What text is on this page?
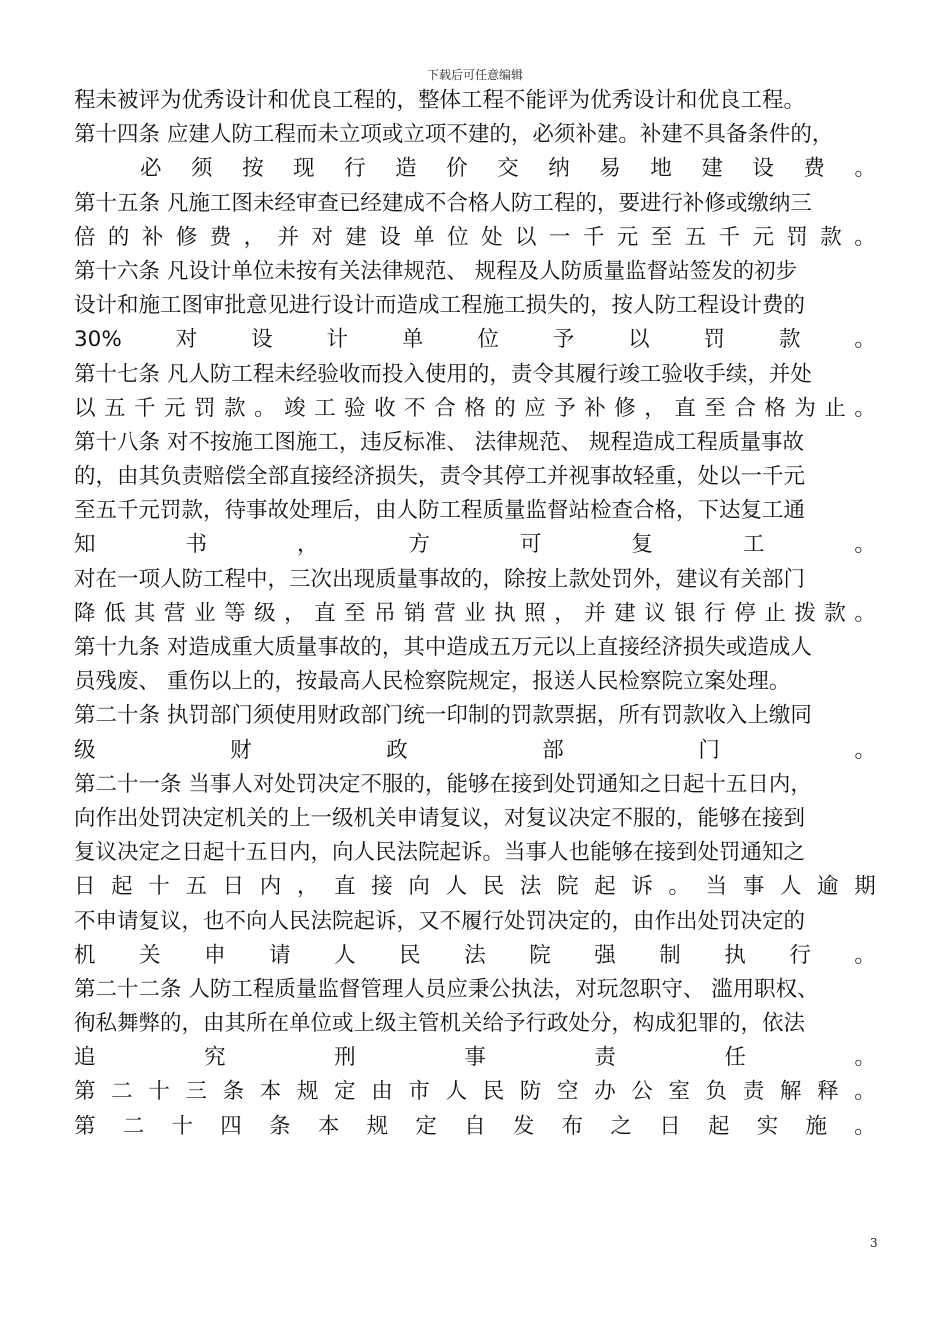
下载后可任意编辑
程未被评为优秀设计和优良工程的，整体工程不能评为优秀设计和优良工程。
第十四条 应建人防工程而未立项或立项不建的，必须补建。补建不具备条件的，
必 须 按 现 行 造 价 交 纳 易 地 建 设 费 。
第十五条 凡施工图未经审查已经建成不合格人防工程的，要进行补修或缴纳三
倍 的 补 修 费 ， 并 对 建 设 单 位 处 以 一 千 元 至 五 千 元 罚 款 。
第十六条 凡设计单位未按有关法律规范、 规程及人防质量监督站签发的初步
设计和施工图审批意见进行设计而造成工程施工损失的，按人防工程设计费的
30%	对	设	计	单	位	予	以	罚	款	。
第十七条 凡人防工程未经验收而投入使用的，责令其履行竣工验收手续，并处
以 五 千 元 罚 款 。 竣 工 验 收 不 合 格 的 应 予 补 修 ， 直 至 合 格 为 止 。
第十八条 对不按施工图施工，违反标准、 法律规范、 规程造成工程质量事故
的，由其负责赔偿全部直接经济损失，责令其停工并视事故轻重，处以一千元
至五千元罚款，待事故处理后，由人防工程质量监督站检查合格，下达复工通
知	书	，	方	可	复	工	。
对在一项人防工程中，三次出现质量事故的，除按上款处罚外，建议有关部门
降 低 其 营 业 等 级 ， 直 至 吊 销 营 业 执 照 ， 并 建 议 银 行 停 止 拨 款 。
第十九条 对造成重大质量事故的，其中造成五万元以上直接经济损失或造成人
员残废、 重伤以上的，按最高人民检察院规定，报送人民检察院立案处理。
第二十条 执罚部门须使用财政部门统一印制的罚款票据，所有罚款收入上缴同
级	财	政	部	门	。
第二十一条 当事人对处罚决定不服的，能够在接到处罚通知之日起十五日内，
向作出处罚决定机关的上一级机关申请复议，对复议决定不服的，能够在接到
复议决定之日起十五日内，向人民法院起诉。当事人也能够在接到处罚通知之
日 起 十 五 日 内 ， 直 接 向 人 民 法 院 起 诉 。 当 事 人 逾 期
不申请复议，也不向人民法院起诉，又不履行处罚决定的，由作出处罚决定的
机 关 申 请 人 民 法 院 强 制 执 行 。
第二十二条 人防工程质量监督管理人员应秉公执法，对玩忽职守、 滥用职权、
徇私舞弊的，由其所在单位或上级主管机关给予行政处分，构成犯罪的，依法
追	究	刑	事	责	任	。
第 二 十 三 条 本 规 定 由 市 人 民 防 空 办 公 室 负 责 解 释 。
第 二 十 四 条 本 规 定 自 发 布 之 日 起 实 施 。
3
